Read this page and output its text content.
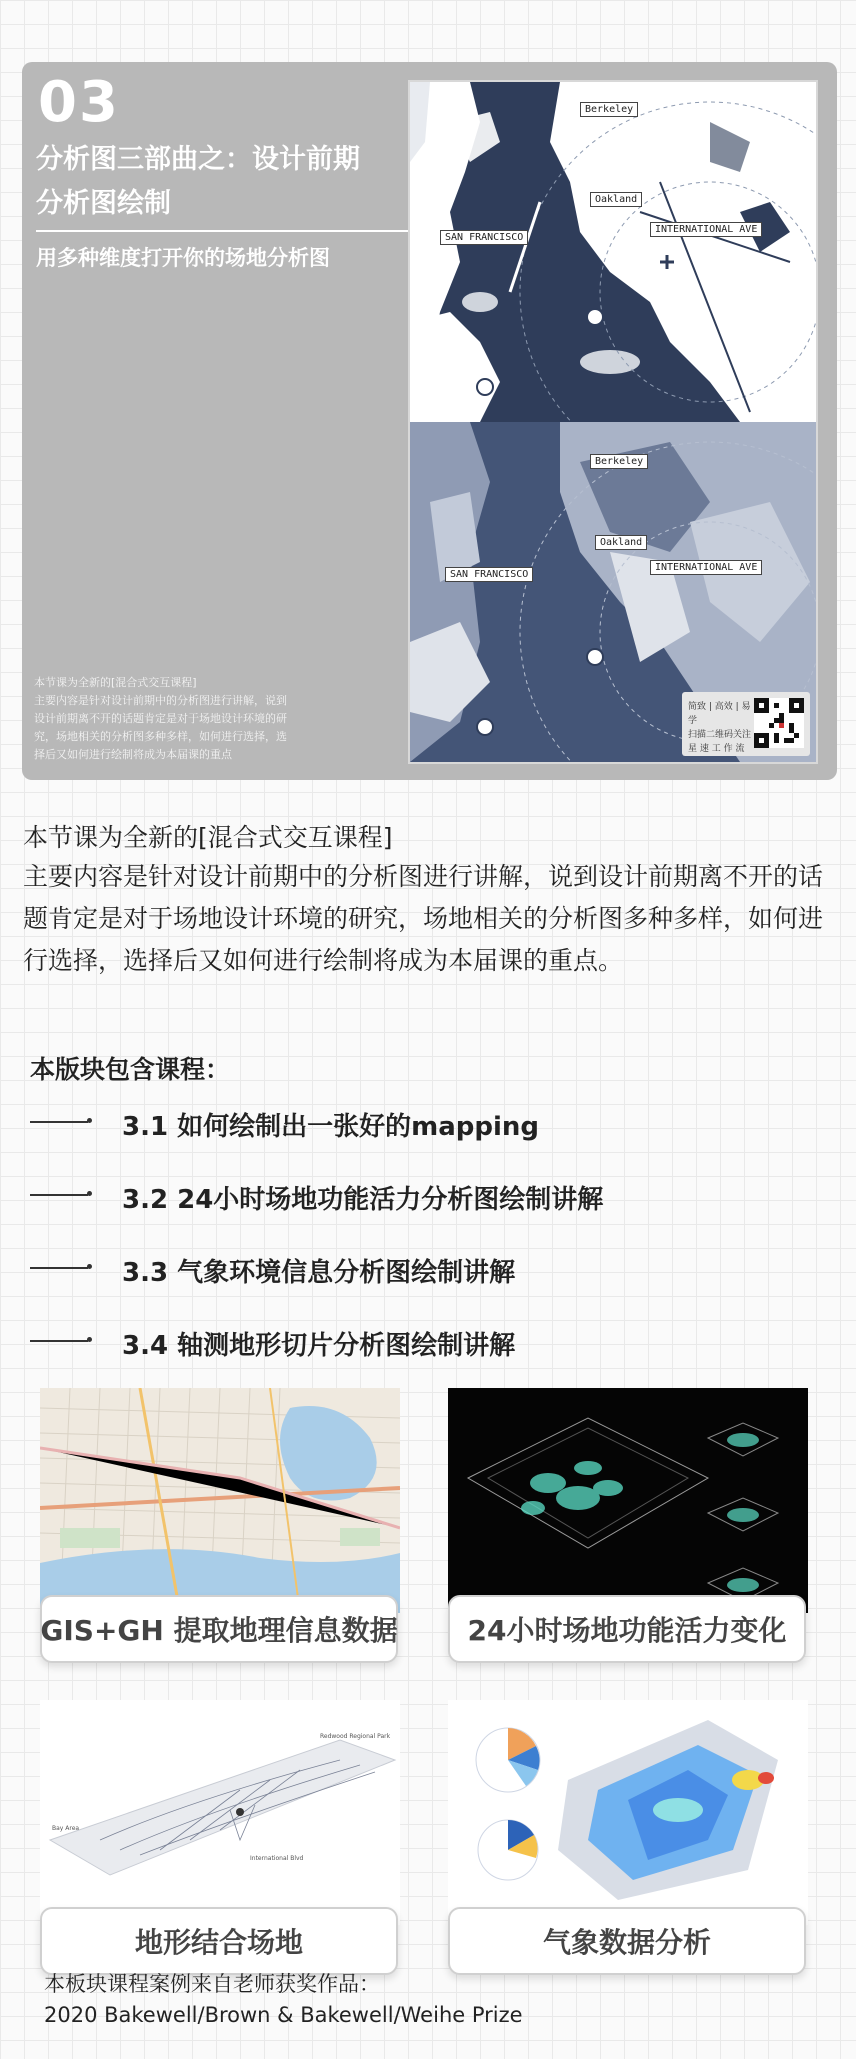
03
分析图三部曲之：设计前期
分析图绘制
用多种维度打开你的场地分析图
本节课为全新的[混合式交互课程]
主要内容是针对设计前期中的分析图进行讲解，说到
设计前期离不开的话题肯定是对于场地设计环境的研
究，场地相关的分析图多种多样，如何进行选择，选
择后又如何进行绘制将成为本届课的重点
Berkeley
Oakland
SAN FRANCISCO
INTERNATIONAL AVE
Berkeley
Oakland
SAN FRANCISCO
INTERNATIONAL AVE
简致 | 高效 | 易学
扫描二维码关注
星 速 工 作 流
本节课为全新的[混合式交互课程]
主要内容是针对设计前期中的分析图进行讲解，说到设计前期离不开的话题肯定是对于场地设计环境的研究，场地相关的分析图多种多样，如何进行选择，选择后又如何进行绘制将成为本届课的重点。
本版块包含课程：
3.1 如何绘制出一张好的mapping
3.2 24小时场地功能活力分析图绘制讲解
3.3 气象环境信息分析图绘制讲解
3.4 轴测地形切片分析图绘制讲解
GIS+GH 提取地理信息数据	24小时场地功能活力变化
Bay Area
Redwood Regional Park
International Blvd
地形结合场地	气象数据分析
本板块课程案例来自老师获奖作品：
2020 Bakewell/Brown & Bakewell/Weihe Prize
